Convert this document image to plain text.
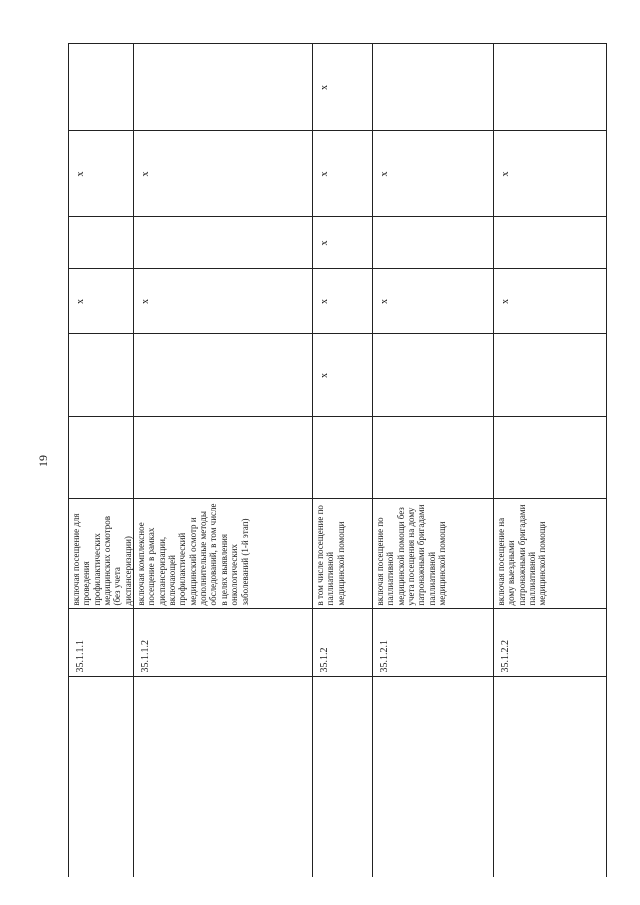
19
	35.1.1.1	включая посещение для проведения профилактических медицинских осмотров (без учета диспансеризации)			x		x		
	35.1.1.2	включая комплексное посещение в рамках диспансеризации, включающей профилактический медицинский осмотр и дополнительные методы обследований, в том числе в целях выявления онкологических заболеваний (1-й этап)			x		x		
	35.1.2	в том числе посещение по паллиативной медицинской помощи		x	x	x	x	x	
	35.1.2.1	включая посещение по паллиативной медицинской помощи без учета посещения на дому патронажными бригадами паллиативной медицинской помощи			x		x		
	35.1.2.2	включая посещение на дому выездными патронажными бригадами паллиативной медицинской помощи			x		x		
